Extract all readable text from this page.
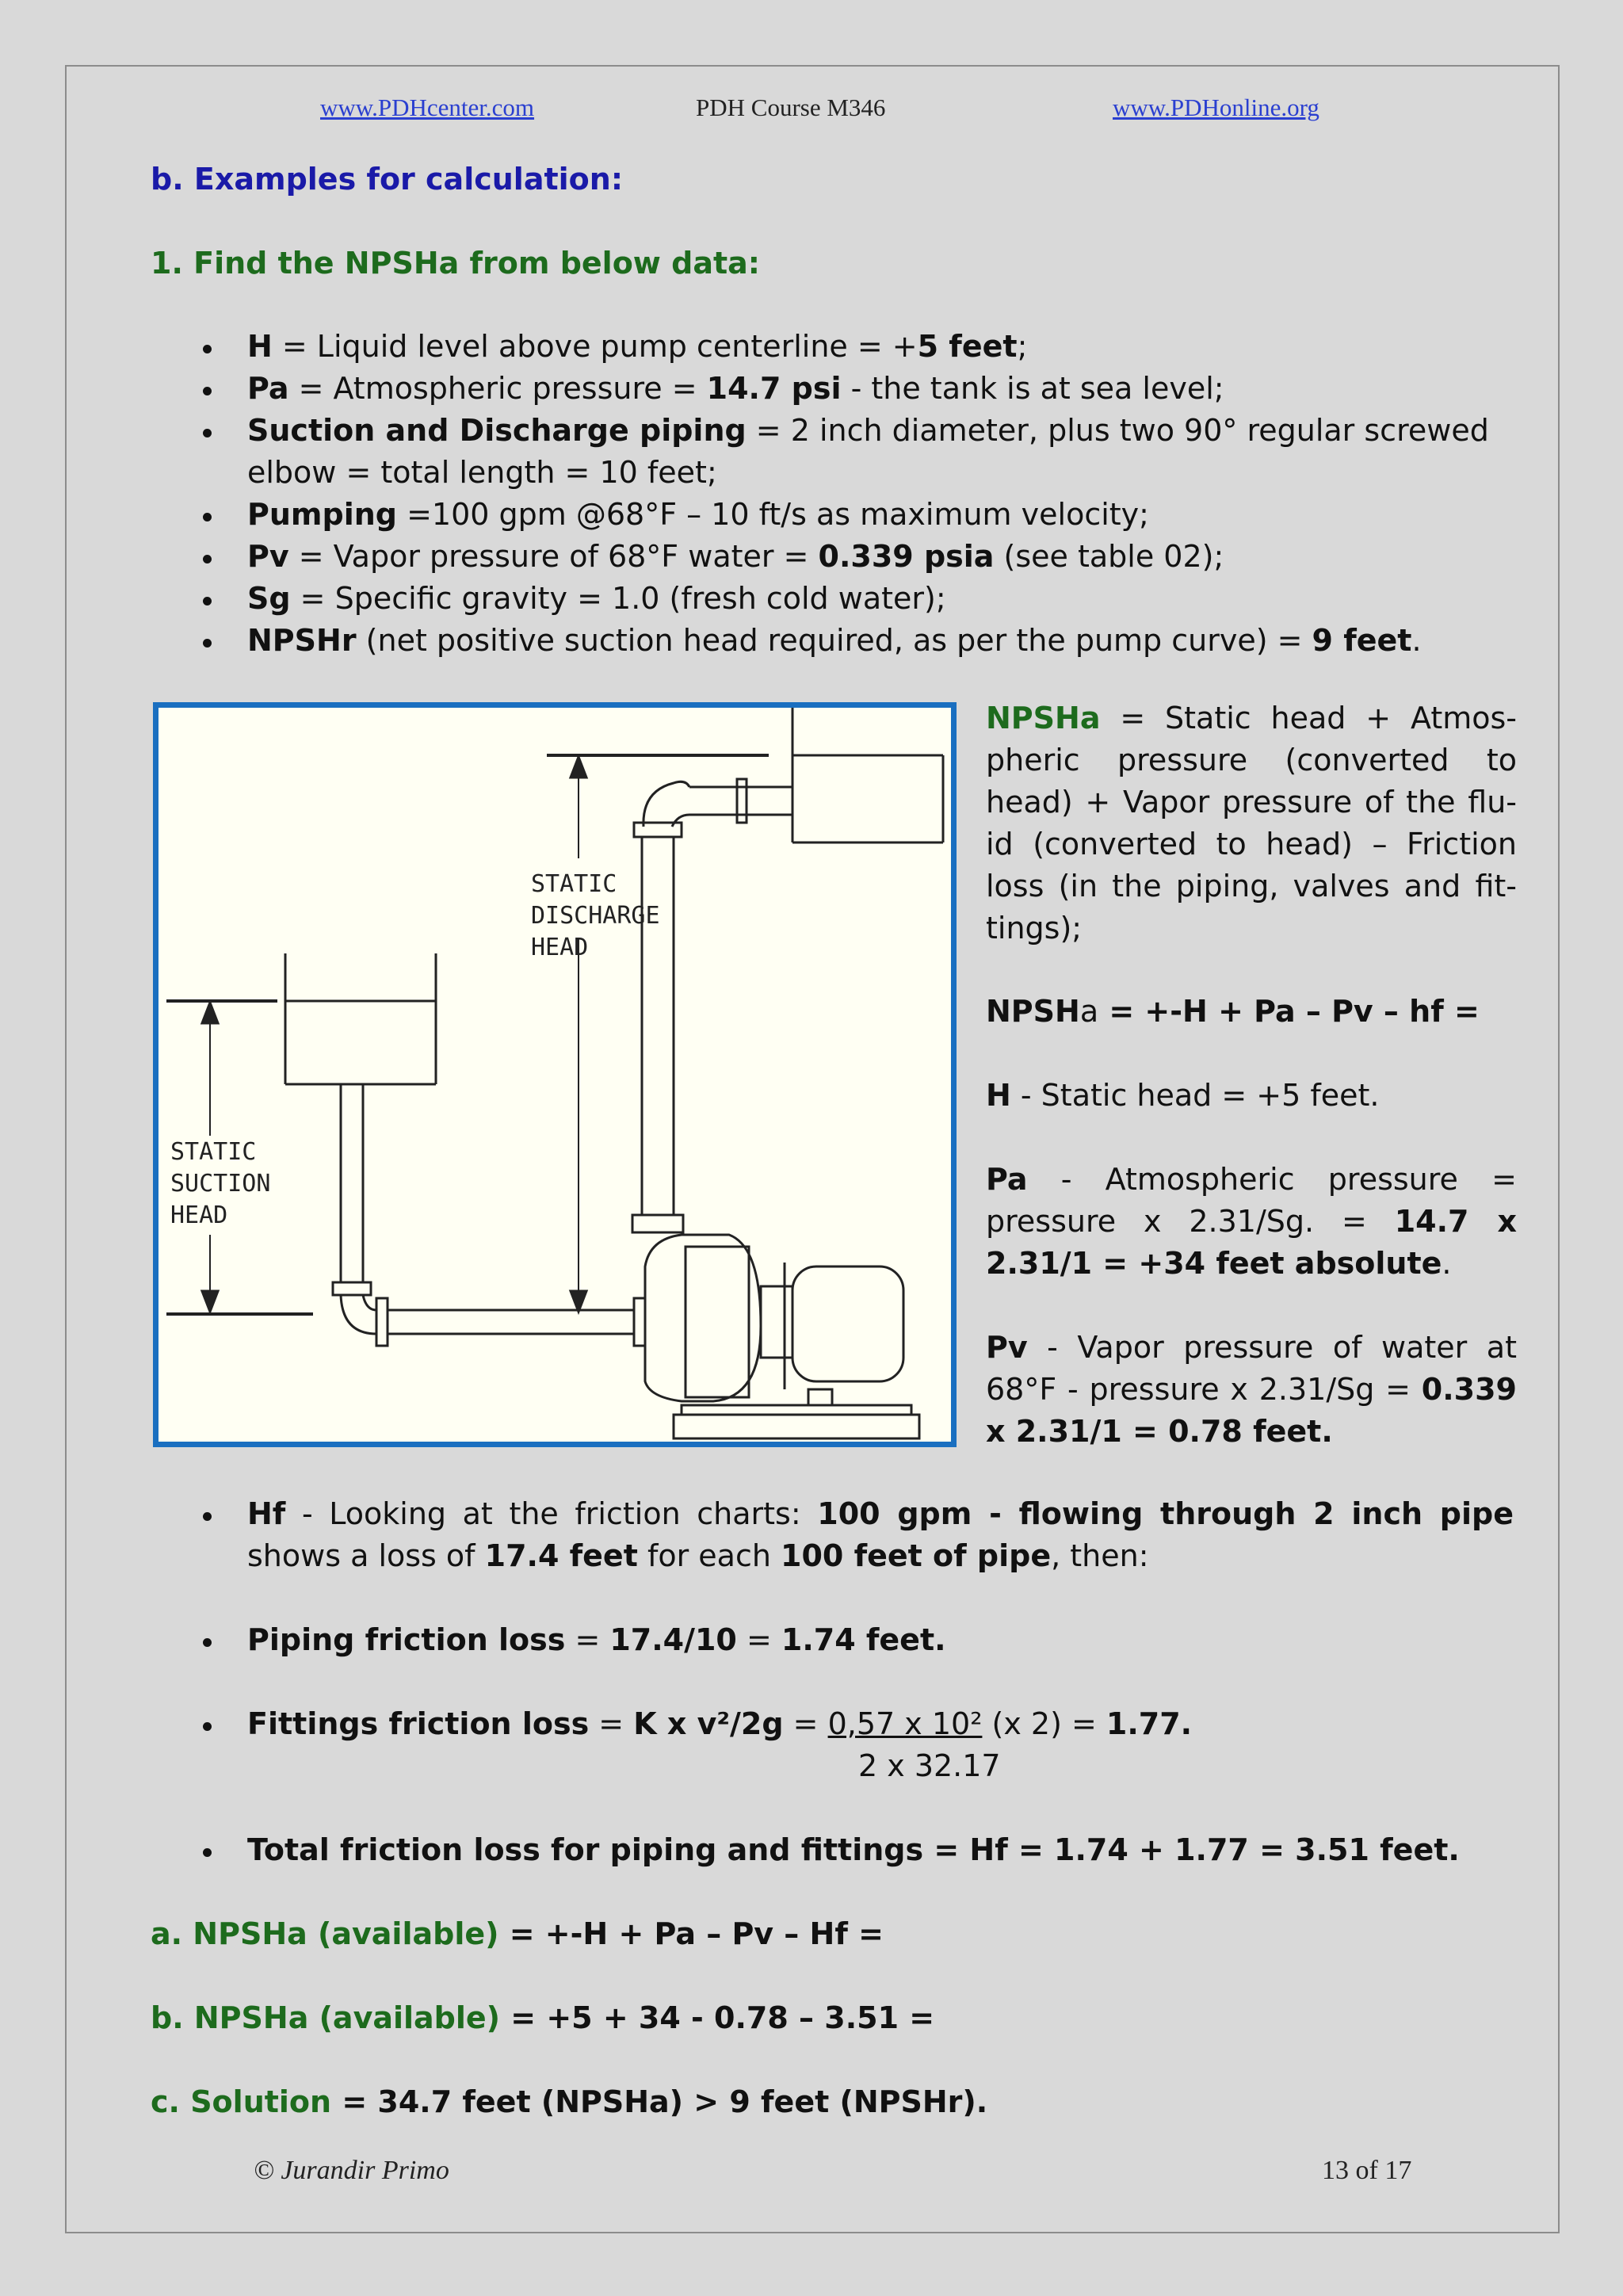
www.PDHcenter.com	PDH Course M346	www.PDHonline.org
b. Examples for calculation:
1. Find the NPSHa from below data:
H = Liquid level above pump centerline = +5 feet;
Pa = Atmospheric pressure = 14.7 psi - the tank is at sea level;
Suction and Discharge piping = 2 inch diameter, plus two 90° regular screwed elbow = total length = 10 feet;
Pumping =100 gpm @68°F – 10 ft/s as maximum velocity;
Pv = Vapor pressure of 68°F water = 0.339 psia (see table 02);
Sg = Specific gravity = 1.0 (fresh cold water);
NPSHr (net positive suction head required, as per the pump curve) = 9 feet.
STATIC
DISCHARGE
HEAD
STATIC
SUCTION
HEAD

NPSHa = Static head + Atmos-pheric pressure (converted to head) + Vapor pressure of the flu-id (converted to head) – Friction loss (in the piping, valves and fit-tings);

NPSHa = +-H + Pa – Pv – hf =

H - Static head = +5 feet.

Pa - Atmospheric pressure = pressure x 2.31/Sg. = 14.7 x 2.31/1 = +34 feet absolute.

Pv - Vapor pressure of water at 68°F - pressure x 2.31/Sg = 0.339 x 2.31/1 = 0.78 feet.

Hf - Looking at the friction charts: 100 gpm - flowing through 2 inch pipe shows a loss of 17.4 feet for each 100 feet of pipe, then:
Piping friction loss = 17.4/10 = 1.74 feet.
Fittings friction loss = K x v²/2g = 0,57 x 10² (x 2) = 1.77.
2 x 32.17
Total friction loss for piping and fittings = Hf = 1.74 + 1.77 = 3.51 feet.
a. NPSHa (available) = +-H + Pa – Pv – Hf =
b. NPSHa (available) = +5 + 34 - 0.78 – 3.51 =
c. Solution = 34.7 feet (NPSHa) > 9 feet (NPSHr).
© Jurandir Primo	13 of 17
